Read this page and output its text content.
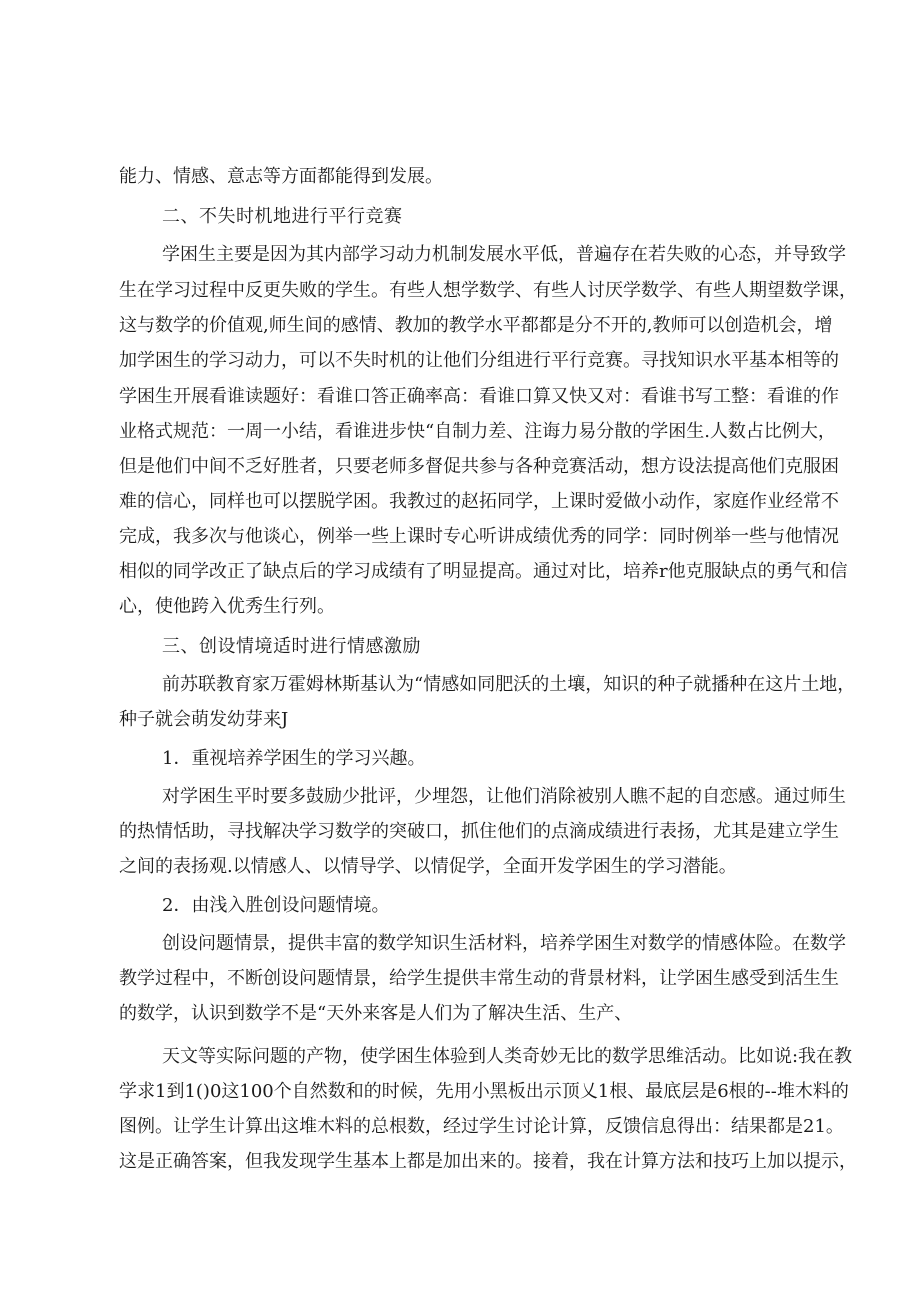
能力、情感、意志等方面都能得到发展。
二、不失时机地进行平行竞赛
学困生主要是因为其内部学习动力机制发展水平低，普遍存在若失败的心态，并导致学
生在学习过程中反更失败的学生。有些人想学数学、有些人讨厌学数学、有些人期望数学课，
这与数学的价值观,师生间的感情、教加的教学水平都都是分不开的,教师可以创造机会，增
加学困生的学习动力，可以不失时机的让他们分组进行平行竞赛。寻找知识水平基本相等的
学困生开展看谁读题好：看谁口答正确率高：看谁口算又快又对：看谁书写工整：看谁的作
业格式规范：一周一小结，看谁进步快“自制力差、注诲力易分散的学困生.人数占比例大，
但是他们中间不乏好胜者，只要老师多督促共参与各种竞赛活动，想方设法提高他们克服困
难的信心，同样也可以摆脱学困。我教过的赵拓同学，上课时爱做小动作，家庭作业经常不
完成，我多次与他谈心，例举一些上课时专心听讲成绩优秀的同学：同时例举一些与他情况
相似的同学改正了缺点后的学习成绩有了明显提高。通过对比，培养r他克服缺点的勇气和信
心，使他跨入优秀生行列。
三、创设情境适时进行情感激励
前苏联教育家万霍姆林斯基认为“情感如同肥沃的土壤，知识的种子就播种在这片土地，
种子就会萌发幼芽来J
1．重视培养学困生的学习兴趣。
对学困生平时要多鼓励少批评，少埋怨，让他们消除被别人瞧不起的自恋感。通过师生
的热情恬助，寻找解决学习数学的突破口，抓住他们的点滴成绩进行表扬，尤其是建立学生
之间的表扬观.以情感人、以情导学、以情促学，全面开发学困生的学习潜能。
2．由浅入胜创设问题情境。
创设问题情景，提供丰富的数学知识生活材料，培养学困生对数学的情感体险。在数学
教学过程中，不断创设问题情景，给学生提供丰常生动的背景材料，让学困生感受到活生生
的数学，认识到数学不是“天外来客是人们为了解决生活、生产、
天文等实际问题的产物，使学困生体验到人类奇妙无比的数学思维活动。比如说:我在教
学求1到1()0这100个自然数和的时候，先用小黑板出示顶乂1根、最底层是6根的--堆木料的
图例。让学生计算出这堆木料的总根数，经过学生讨论计算，反馈信息得出：结果都是21。
这是正确答案，但我发现学生基本上都是加出来的。接着，我在计算方法和技巧上加以提示，
